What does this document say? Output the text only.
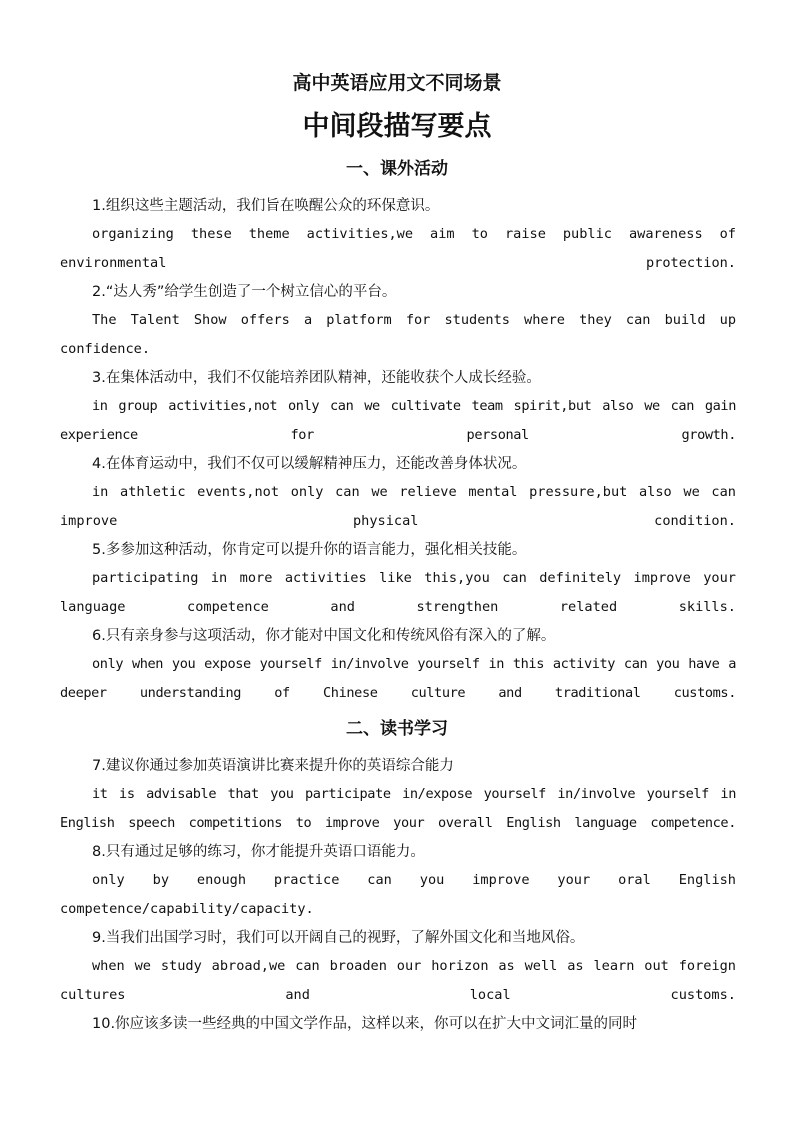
高中英语应用文不同场景
中间段描写要点
一、课外活动

1.组织这些主题活动，我们旨在唤醒公众的环保意识。

organizing these theme activities,we aim to raise public awareness of environmental protection.

2.“达人秀”给学生创造了一个树立信心的平台。

The Talent Show offers a platform for students where they can build up confidence.

3.在集体活动中，我们不仅能培养团队精神，还能收获个人成长经验。

in group activities,not only can we cultivate team spirit,but also we can gain experience for personal growth.

4.在体育运动中，我们不仅可以缓解精神压力，还能改善身体状况。

in athletic events,not only can we relieve mental pressure,but also we can improve physical condition.

5.多参加这种活动，你肯定可以提升你的语言能力，强化相关技能。

participating in more activities like this,you can definitely improve your language competence and strengthen related skills.

6.只有亲身参与这项活动，你才能对中国文化和传统风俗有深入的了解。

only when you expose yourself in/involve yourself in this activity can you have a deeper understanding of Chinese culture and traditional customs.

二、读书学习

7.建议你通过参加英语演讲比赛来提升你的英语综合能力

it is advisable that you participate in/expose yourself in/involve yourself in English speech competitions to improve your overall English language competence.

8.只有通过足够的练习，你才能提升英语口语能力。

only by enough practice can you improve your oral English competence/capability/capacity.

9.当我们出国学习时，我们可以开阔自己的视野，了解外国文化和当地风俗。

when we study abroad,we can broaden our horizon as well as learn out foreign cultures and local customs.

10.你应该多读一些经典的中国文学作品，这样以来，你可以在扩大中文词汇量的同时
